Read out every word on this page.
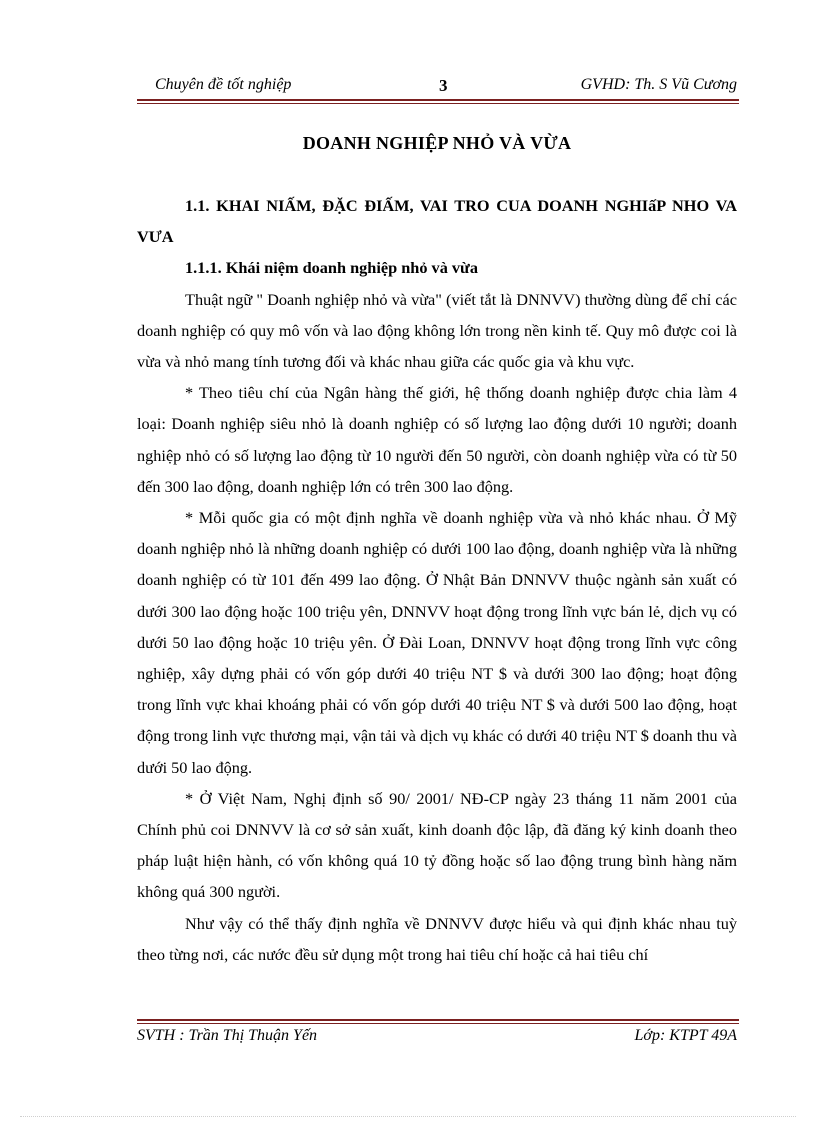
Chuyên đề tốt nghiệp	3	GVHD: Th. S Vũ Cương
DOANH NGHIỆP NHỎ VÀ VỪA

1.1. KHAI NIẤM, ĐẶC ĐIẤM, VAI TRO CUA DOANH NGHIấP NHO VA VƯA

1.1.1. Khái niệm doanh nghiệp nhỏ và vừa

Thuật ngữ " Doanh nghiệp nhỏ và vừa" (viết tắt là DNNVV) thường dùng để chỉ các doanh nghiệp có quy mô vốn và lao động không lớn trong nền kinh tế. Quy mô được coi là vừa và nhỏ mang tính tương đối và khác nhau giữa các quốc gia và khu vực.

* Theo tiêu chí của Ngân hàng thế giới, hệ thống doanh nghiệp được chia làm 4 loại: Doanh nghiệp siêu nhỏ là doanh nghiệp có số lượng lao động dưới 10 người; doanh nghiệp nhỏ có số lượng lao động từ 10 người đến 50 người, còn doanh nghiệp vừa có từ 50 đến 300 lao động, doanh nghiệp lớn có trên 300 lao động.

* Mỗi quốc gia có một định nghĩa về doanh nghiệp vừa và nhỏ khác nhau. Ở Mỹ doanh nghiệp nhỏ là những doanh nghiệp có dưới 100 lao động, doanh nghiệp vừa là những doanh nghiệp có từ 101 đến 499 lao động. Ở Nhật Bản DNNVV thuộc ngành sản xuất có dưới 300 lao động hoặc 100 triệu yên, DNNVV hoạt động trong lĩnh vực bán lẻ, dịch vụ có dưới 50 lao động hoặc 10 triệu yên. Ở Đài Loan, DNNVV hoạt động trong lĩnh vực công nghiệp, xây dựng phải có vốn góp dưới 40 triệu NT $ và dưới 300 lao động; hoạt động trong lĩnh vực khai khoáng phải có vốn góp dưới 40 triệu NT $ và dưới 500 lao động, hoạt động trong linh vực thương mại, vận tải và dịch vụ khác có dưới 40 triệu NT $ doanh thu và dưới 50 lao động.

* Ở Việt Nam, Nghị định số 90/ 2001/ NĐ-CP ngày 23 tháng 11 năm 2001 của Chính phủ coi DNNVV là cơ sở sản xuất, kinh doanh độc lập, đã đăng ký kinh doanh theo pháp luật hiện hành, có vốn không quá 10 tỷ đồng hoặc số lao động trung bình hàng năm không quá 300 người.

Như vậy có thể thấy định nghĩa về DNNVV được hiểu và qui định khác nhau tuỳ theo từng nơi, các nước đều sử dụng một trong hai tiêu chí hoặc cả hai tiêu chí

SVTH : Trần Thị Thuận Yến	Lớp: KTPT 49A
